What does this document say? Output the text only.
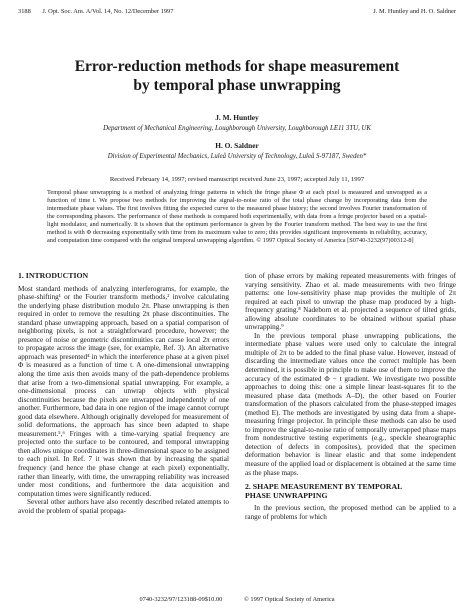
3188 J. Opt. Soc. Am. A/Vol. 14, No. 12/December 1997	J. M. Huntley and H. O. Saldner
Error-reduction methods for shape measurement
by temporal phase unwrapping
J. M. Huntley
Department of Mechanical Engineering, Loughborough University, Loughborough LE11 3TU, UK
H. O. Saldner
Division of Experimental Mechanics, Luleå University of Technology, Luleå S-97187, Sweden*
Received February 14, 1997; revised manuscript received June 23, 1997; accepted July 11, 1997

Temporal phase unwrapping is a method of analyzing fringe patterns in which the fringe phase Φ at each pixel is measured and unwrapped as a function of time t. We propose two methods for improving the signal-to-noise ratio of the total phase change by incorporating data from the intermediate phase values. The first involves fitting the expected curve to the measured phase history; the second involves Fourier transformation of the corresponding phasors. The performance of these methods is compared both experimentally, with data from a fringe projector based on a spatial-light modulator, and numerically. It is shown that the optimum performance is given by the Fourier transform method. The best way to use the first method is with Φ decreasing exponentially with time from its maximum value to zero; this provides significant improvements in reliability, accuracy, and computation time compared with the original temporal unwrapping algorithm. © 1997 Optical Society of America [S0740-3232(97)00312-8]

1. INTRODUCTION

Most standard methods of analyzing interferograms, for example, the phase-shifting¹ or the Fourier transform methods,² involve calculating the underlying phase distribution modulo 2π. Phase unwrapping is then required in order to remove the resulting 2π phase discontinuities. The standard phase unwrapping approach, based on a spatial comparison of neighboring pixels, is not a straightforward procedure, however; the presence of noise or geometric discontinuities can cause local 2π errors to propagate across the image (see, for example, Ref. 3). An alternative approach was presented⁴ in which the interference phase at a given pixel Φ is measured as a function of time t. A one-dimensional unwrapping along the time axis then avoids many of the path-dependence problems that arise from a two-dimensional spatial unwrapping. For example, a one-dimensional process can unwrap objects with physical discontinuities because the pixels are unwrapped independently of one another. Furthermore, bad data in one region of the image cannot corrupt good data elsewhere. Although originally developed for measurement of solid deformations, the approach has since been adapted to shape measurement.⁵,⁶ Fringes with a time-varying spatial frequency are projected onto the surface to be contoured, and temporal unwrapping then allows unique coordinates in three-dimensional space to be assigned to each pixel. In Ref. 7 it was shown that by increasing the spatial frequency (and hence the phase change at each pixel) exponentially, rather than linearly, with time, the unwrapping reliability was increased under most conditions, and furthermore the data acquisition and computation times were significantly reduced.

Several other authors have also recently described related attempts to avoid the problem of spatial propaga-

tion of phase errors by making repeated measurements with fringes of varying sensitivity. Zhao et al. made measurements with two fringe patterns: one low-sensitivity phase map provides the multiple of 2π required at each pixel to unwrap the phase map produced by a high-frequency grating.⁸ Nadeborn et al. projected a sequence of tilted grids, allowing absolute coordinates to be obtained without spatial phase unwrapping.⁹

In the previous temporal phase unwrapping publications, the intermediate phase values were used only to calculate the integral multiple of 2π to be added to the final phase value. However, instead of discarding the intermediate values once the correct multiple has been determined, it is possible in principle to make use of them to improve the accuracy of the estimated Φ − t gradient. We investigate two possible approaches to doing this: one a simple linear least-squares fit to the measured phase data (methods A–D), the other based on Fourier transformation of the phasors calculated from the phase-stepped images (method E). The methods are investigated by using data from a shape-measuring fringe projector. In principle these methods can also be used to improve the signal-to-noise ratio of temporally unwrapped phase maps from nondestructive testing experiments (e.g., speckle shearographic detection of defects in composites), provided that the specimen deformation behavior is linear elastic and that some independent measure of the applied load or displacement is obtained at the same time as the phase maps.

2. SHAPE MEASUREMENT BY TEMPORAL
PHASE UNWRAPPING

In the previous section, the proposed method can be applied to a range of problems for which

0740-3232/97/123188-09$10.00	© 1997 Optical Society of America
